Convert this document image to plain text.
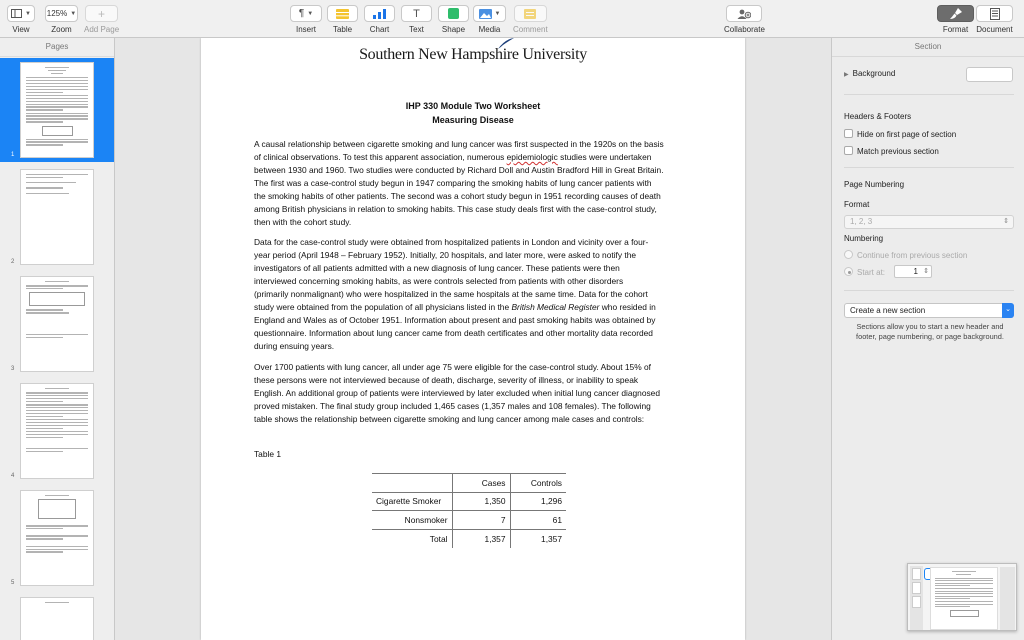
▼
View
125% ▼
Zoom
+
Add Page
¶ ▼
Insert Table Chart
T
Text Shape
▼
Media Comment	Collaborate	Format Document
Pages
1
2
3
4
5
Southern New Hampshire University
IHP 330 Module Two Worksheet
Measuring Disease
A causal relationship between cigarette smoking and lung cancer was first suspected in the 1920s on the basis
of clinical observations. To test this apparent association, numerous epidemiologic studies were undertaken
between 1930 and 1960. Two studies were conducted by Richard Doll and Austin Bradford Hill in Great Britain.
The first was a case-control study begun in 1947 comparing the smoking habits of lung cancer patients with
the smoking habits of other patients. The second was a cohort study begun in 1951 recording causes of death
among British physicians in relation to smoking habits. This case study deals first with the case-control study,
then with the cohort study.
Data for the case-control study were obtained from hospitalized patients in London and vicinity over a four-
year period (April 1948 – February 1952). Initially, 20 hospitals, and later more, were asked to notify the
investigators of all patients admitted with a new diagnosis of lung cancer. These patients were then
interviewed concerning smoking habits, as were controls selected from patients with other disorders
(primarily nonmalignant) who were hospitalized in the same hospitals at the same time. Data for the cohort
study were obtained from the population of all physicians listed in the British Medical Register who resided in
England and Wales as of October 1951. Information about present and past smoking habits was obtained by
questionnaire. Information about lung cancer came from death certificates and other mortality data recorded
during ensuing years.
Over 1700 patients with lung cancer, all under age 75 were eligible for the case-control study. About 15% of
these persons were not interviewed because of death, discharge, severity of illness, or inability to speak
English. An additional group of patients were interviewed by later excluded when initial lung cancer diagnosed
proved mistaken. The final study group included 1,465 cases (1,357 males and 108 females). The following
table shows the relationship between cigarette smoking and lung cancer among male cases and controls:
Table 1
	Cases	Controls
Cigarette Smoker	1,350	1,296
Nonsmoker	7	61
Total	1,357	1,357
Section
▶ Background
Headers & Footers
Hide on first page of section
Match previous section
Page Numbering
Format
1, 2, 3	⇕
Numbering
Continue from previous section
Start at:	1 ⇕
Create a new section	⌄
Sections allow you to start a new header and footer, page numbering, or page background.
